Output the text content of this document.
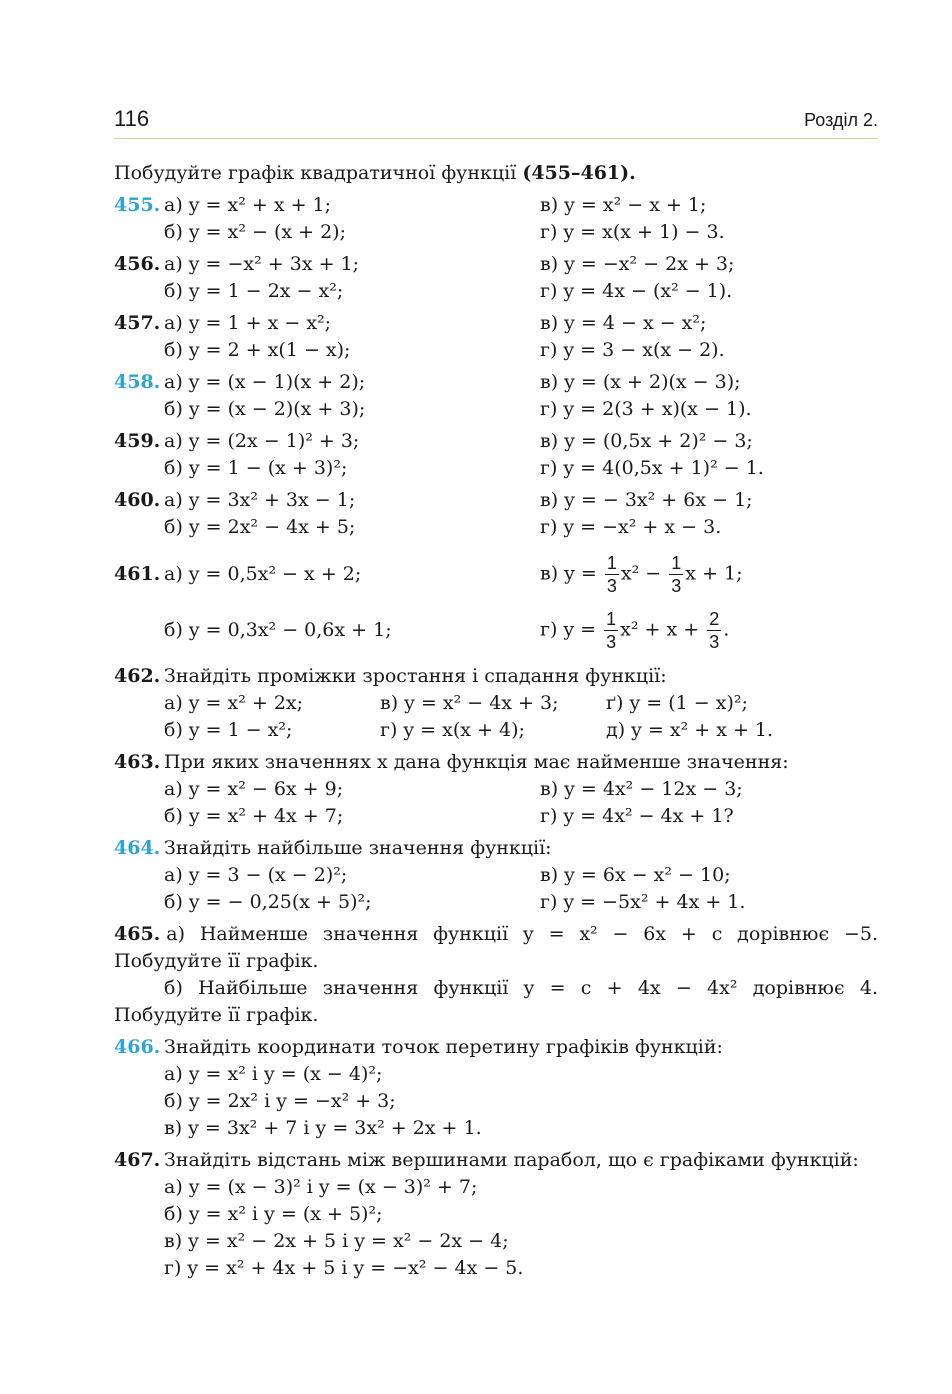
116	Розділ 2.

Побудуйте графік квадратичної функції (455–461).

455. а) y = x² + x + 1;	в) y = x² − x + 1;
б) y = x² − (x + 2);	г) y = x(x + 1) − 3.
456. а) y = −x² + 3x + 1;	в) y = −x² − 2x + 3;
б) y = 1 − 2x − x²;	г) y = 4x − (x² − 1).
457. а) y = 1 + x − x²;	в) y = 4 − x − x²;
б) y = 2 + x(1 − x);	г) y = 3 − x(x − 2).
458. а) y = (x − 1)(x + 2);	в) y = (x + 2)(x − 3);
б) y = (x − 2)(x + 3);	г) y = 2(3 + x)(x − 1).
459. а) y = (2x − 1)² + 3;	в) y = (0,5x + 2)² − 3;
б) y = 1 − (x + 3)²;	г) y = 4(0,5x + 1)² − 1.
460. а) y = 3x² + 3x − 1;	в) y = − 3x² + 6x − 1;
б) y = 2x² − 4x + 5;	г) y = −x² + x − 3.
461. а) y = 0,5x² − x + 2;	в) $y = \frac{1}{3} x^2 - \frac{1}{3}$ x + 1;
б) y = 0,3x² − 0,6x + 1;	г) $y = \frac{1}{3} x^2 + x + \frac{2}{3}$ .
462. Знайдіть проміжки зростання і спадання функції:
а) y = x² + 2x;	в) y = x² − 4x + 3;	ґ) y = (1 − x)²;
б) y = 1 − x²;	г) y = x(x + 4);	д) y = x² + x + 1.
463. При яких значеннях x дана функція має найменше значення:
а) y = x² − 6x + 9;	в) y = 4x² − 12x − 3;
б) y = x² + 4x + 7;	г) y = 4x² − 4x + 1?
464. Знайдіть найбільше значення функції:
а) y = 3 − (x − 2)²;	в) y = 6x − x² − 10;
б) y = − 0,25(x + 5)²;	г) y = −5x² + 4x + 1.
465. а) Найменше значення функції y = x² − 6x + c дорівнює −5. Побудуйте її графік.
б) Найбільше значення функції y = c + 4x − 4x² дорівнює 4. Побудуйте її графік.
466. Знайдіть координати точок перетину графіків функцій:
а) y = x² і y = (x − 4)²;
б) y = 2x² і y = −x² + 3;
в) y = 3x² + 7 і y = 3x² + 2x + 1.
467. Знайдіть відстань між вершинами парабол, що є графіками функцій:
а) y = (x − 3)² і y = (x − 3)² + 7;
б) y = x² і y = (x + 5)²;
в) y = x² − 2x + 5 і y = x² − 2x − 4;
г) y = x² + 4x + 5 і y = −x² − 4x − 5.
